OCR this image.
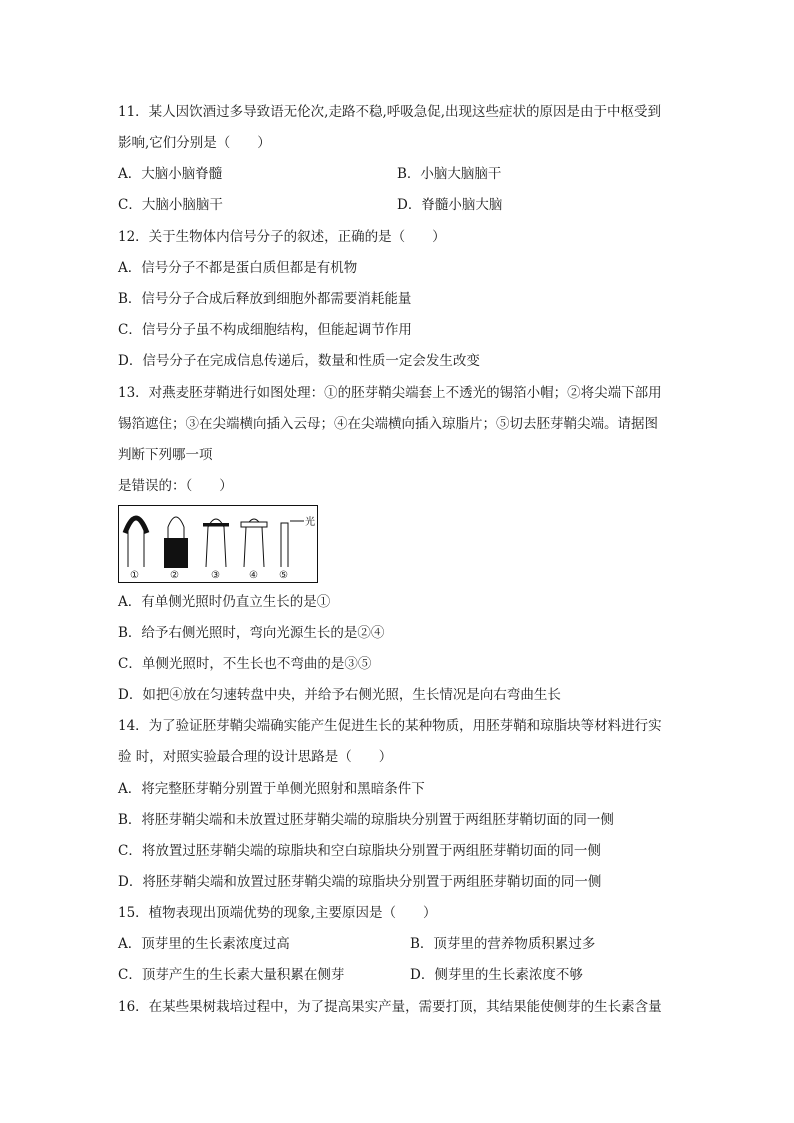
11．某人因饮酒过多导致语无伦次,走路不稳,呼吸急促,出现这些症状的原因是由于中枢受到
影响,它们分别是（　　）
A．大脑小脑脊髓	B．小脑大脑脑干
C．大脑小脑脑干	D．脊髓小脑大脑
12．关于生物体内信号分子的叙述，正确的是（　　）
A．信号分子不都是蛋白质但都是有机物
B．信号分子合成后释放到细胞外都需要消耗能量
C．信号分子虽不构成细胞结构，但能起调节作用
D．信号分子在完成信息传递后，数量和性质一定会发生改变
13．对燕麦胚芽鞘进行如图处理：①的胚芽鞘尖端套上不透光的锡箔小帽；②将尖端下部用
锡箔遮住；③在尖端横向插入云母；④在尖端横向插入琼脂片；⑤切去胚芽鞘尖端。请据图
判断下列哪一项
是错误的：（　　）
光
①	②	③	④ ⑤
A．有单侧光照时仍直立生长的是①
B．给予右侧光照时，弯向光源生长的是②④
C．单侧光照时，不生长也不弯曲的是③⑤
D．如把④放在匀速转盘中央，并给予右侧光照，生长情况是向右弯曲生长
14．为了验证胚芽鞘尖端确实能产生促进生长的某种物质，用胚芽鞘和琼脂块等材料进行实
验 时，对照实验最合理的设计思路是（　　）
A．将完整胚芽鞘分别置于单侧光照射和黑暗条件下
B．将胚芽鞘尖端和未放置过胚芽鞘尖端的琼脂块分别置于两组胚芽鞘切面的同一侧
C．将放置过胚芽鞘尖端的琼脂块和空白琼脂块分别置于两组胚芽鞘切面的同一侧
D．将胚芽鞘尖端和放置过胚芽鞘尖端的琼脂块分别置于两组胚芽鞘切面的同一侧
15．植物表现出顶端优势的现象,主要原因是（　　）
A．顶芽里的生长素浓度过高	B．顶芽里的营养物质积累过多
C．顶芽产生的生长素大量积累在侧芽	D．侧芽里的生长素浓度不够
16．在某些果树栽培过程中，为了提高果实产量，需要打顶，其结果能使侧芽的生长素含量
